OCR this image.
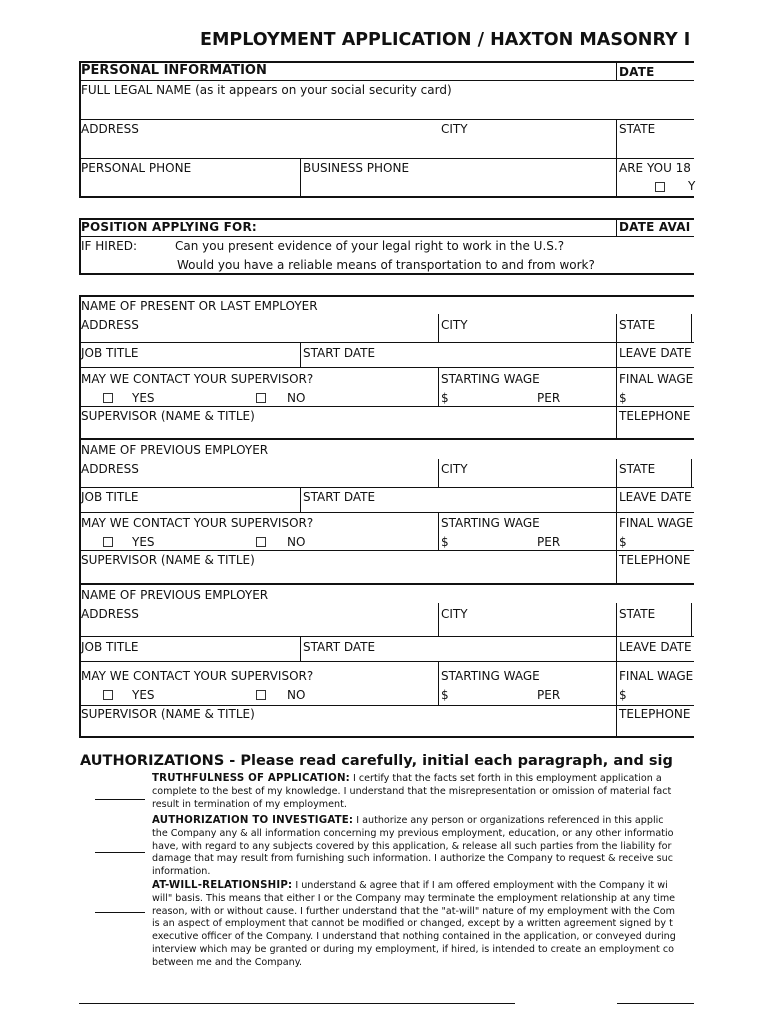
EMPLOYMENT APPLICATION / HAXTON MASONRY I
PERSONAL INFORMATION	DATE
FULL LEGAL NAME (as it appears on your social security card)
ADDRESS	CITY	STATE
PERSONAL PHONE	BUSINESS PHONE	ARE YOU 18
Y
POSITION APPLYING FOR:	DATE AVAI
IF HIRED:	Can you present evidence of your legal right to work in the U.S.?
Would you have a reliable means of transportation to and from work?
NAME OF PRESENT OR LAST EMPLOYER
ADDRESS	CITY	STATE
JOB TITLE	START DATE	LEAVE DATE
MAY WE CONTACT YOUR SUPERVISOR?	STARTING WAGE	FINAL WAGE
YES	NO	$	PER	$
SUPERVISOR (NAME & TITLE)	TELEPHONE
NAME OF PREVIOUS EMPLOYER
ADDRESS	CITY	STATE
JOB TITLE	START DATE	LEAVE DATE
MAY WE CONTACT YOUR SUPERVISOR?	STARTING WAGE	FINAL WAGE
YES	NO	$	PER	$
SUPERVISOR (NAME & TITLE)	TELEPHONE
NAME OF PREVIOUS EMPLOYER
ADDRESS	CITY	STATE
JOB TITLE	START DATE	LEAVE DATE
MAY WE CONTACT YOUR SUPERVISOR?	STARTING WAGE	FINAL WAGE
YES	NO	$	PER	$
SUPERVISOR (NAME & TITLE)	TELEPHONE
AUTHORIZATIONS - Please read carefully, initial each paragraph, and sig
TRUTHFULNESS OF APPLICATION: I certify that the facts set forth in this employment application a
complete to the best of my knowledge. I understand that the misrepresentation or omission of material fact
result in termination of my employment.
AUTHORIZATION TO INVESTIGATE: I authorize any person or organizations referenced in this applic
the Company any & all information concerning my previous employment, education, or any other informatio
have, with regard to any subjects covered by this application, & release all such parties from the liability for
damage that may result from furnishing such information. I authorize the Company to request & receive suc
information.
AT-WILL-RELATIONSHIP: I understand & agree that if I am offered employment with the Company it wi
will" basis. This means that either I or the Company may terminate the employment relationship at any time
reason, with or without cause. I further understand that the "at-will" nature of my employment with the Com
is an aspect of employment that cannot be modified or changed, except by a written agreement signed by t
executive officer of the Company. I understand that nothing contained in the application, or conveyed during
interview which may be granted or during my employment, if hired, is intended to create an employment co
between me and the Company.
